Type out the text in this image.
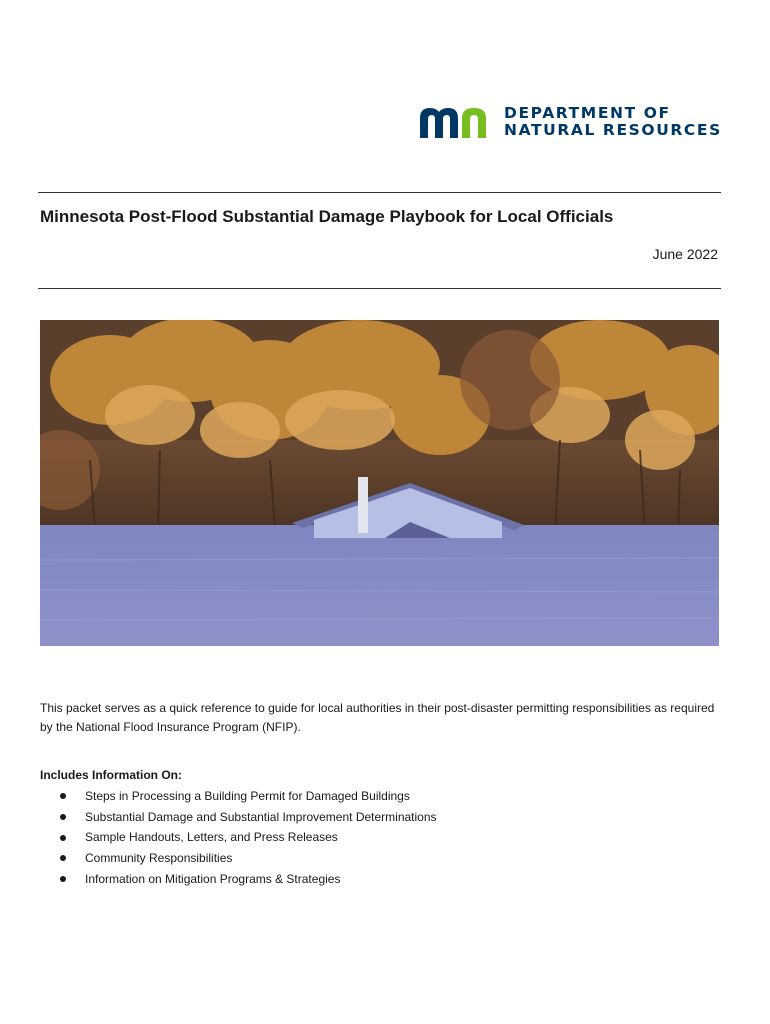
DEPARTMENT OF
NATURAL RESOURCES
Minnesota Post-Flood Substantial Damage Playbook for Local Officials
June 2022
This packet serves as a quick reference to guide for local authorities in their post-disaster permitting responsibilities as required by the National Flood Insurance Program (NFIP).
Includes Information On:
Steps in Processing a Building Permit for Damaged Buildings
Substantial Damage and Substantial Improvement Determinations
Sample Handouts, Letters, and Press Releases
Community Responsibilities
Information on Mitigation Programs & Strategies
